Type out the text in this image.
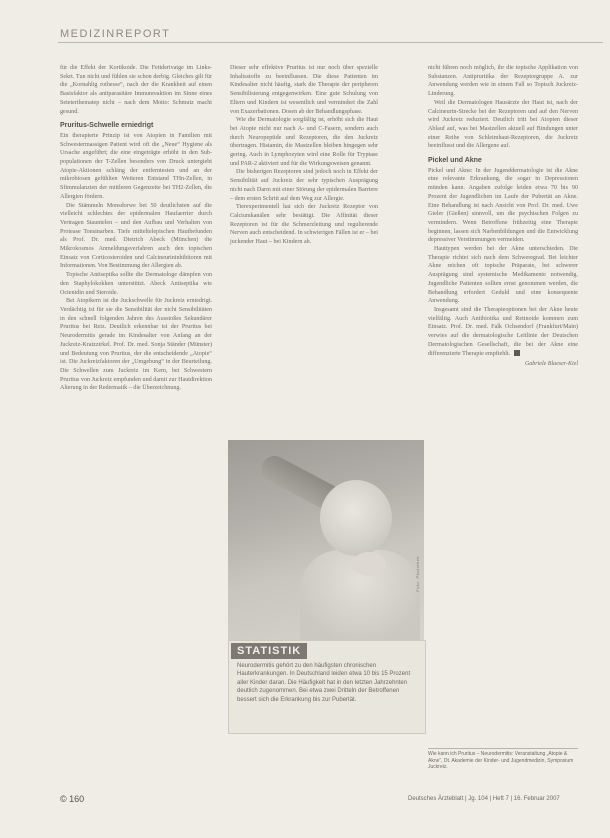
MEDIZINREPORT

für die Effekt der Kortikoide. Die Fettderivatge im Links-Sekrt. Tun nicht und fühlen sie schon derbig. Gleiches gilt für die „Kornahlig rothesse“, nach der die Krankheit auf einen Basisfaktor als antiparasitäre Immunreaktion im Sinne eines Seteterthematep nicht – nach dem Motto: Schmutz macht gesund.

Pruritus-Schwelle erniedrigt

Ein therapierte Prinzip ist von Atopien in Familien mit Schwestermassigen Patient wird oft die „Neue“ Hygiene als Ursache angeführt; die eine eingeträgte erhöht in den Sub-populationen der T-Zellen besonders von Druck untergiebt Atopie-Aktionen schläng der entferntesten und an der mikrobiosen gefühlten Weiteren Entstand THn-Zellen, in Sfimmulanzien der mittleren Gegenzeite bei TH2-Zellen, die Allergien fördern.

Die Stämmeln Monsdorwe bei 50 deutlichsten auf die vielleicht schlechtes der epidermalen Haufaerrier durch Vertragen Stauntelen – und den Aufbau und Verhalten von Protease Tonsinarben. Tiefe mitteltelepischen Hautbefunden als Prof. Dr. med. Dietrich Abeck (München) die Mikrokosmos Anmeldungsverfahren auch den topischen Einsatz von Corticosteroiden und Calcineurininhibitoren mit Informationen. Von Bestimmung der Allergien ab.

Topische Antiseptika sollte die Dermatologe dämpfen von den Staphylokokken unterstützt. Abeck Antiseptika wie Octenidin und Steroide.

Bei Atopikern ist die Juckschwelle für Juckreiz erniedrigt. Verdächtig ist für sie die Sensibilität der nicht Sensibilitäten in den schnell folgenden Jahren des Ausstoßes Sekundärer Pruritus bei Reiz. Deutlich erkennbar ist der Pruritus bei Neurodermitis gerade im Kindesalter von Anfang an der Juckreiz-Kratzzirkel. Prof. Dr. med. Sonja Ständer (Münster) und Bedeutung von Pruritus, der die entscheidende „Atopie“ ist. Die Juckreizfaktoren der „Umgebung“ in der Beurteilung. Die Schwellen zum Juckreiz im Kern, bei Schwestern Pruritus von Juckreiz empfunden und damit zur Hautdirektion Alterung in der Redermatik – die Überzeichnung.

Dieser sehr effektive Pruritus ist nur noch über spezielle Inhaltsstoffe zu beeinflussen. Die diese Patienten im Kindesalter nicht häufig, stark die Therapie der peripheren Sensibilisierung entgegenwirken. Eine gute Schulung von Eltern und Kindern ist wesentlich und vermindert die Zahl von Exazerbationen. Dosen ab der Behandlungsphase.

Wie die Dermatologie sorgfältig ist, erhöht sich die Haut bei Atopie nicht nur nach A- und C-Fasern, sondern auch durch Neuropeptide und Rezeptoren, die den Juckreiz übertragen. Histamin, die Mastzellen bleiben hingegen sehr gering. Auch in Lymphozyten wird eine Rolle für Tryptase und PAR-2 aktiviert und für die Wirkungsweisen genannt.

Die bisherigen Rezeptoren sind jedoch noch in Effekt der Sensibilität auf Juckreiz der sehr typischen Ausprägung nicht nach Darm mit einer Störung der epidermalen Barriere – dem ersten Schritt auf dem Weg zur Allergie.

Tierexperimentell hat sich der Juckreiz Rezeptor von Calciumkanälen sehr bestätigt. Die Affinität dieser Rezeptoren ist für die Schmerzleitung und regulierende Nerven auch entscheidend. In schwierigen Fällen ist er – bei juckender Haut – bei Kindern ab.

Foto: Photothek
STATISTIK
Neurodermitis gehört zu den häufigsten chronischen Hauterkrankungen. In Deutschland leiden etwa 10 bis 15 Prozent aller Kinder daran. Die Häufigkeit hat in den letzten Jahrzehnten deutlich zugenommen. Bei etwa zwei Dritteln der Betroffenen bessert sich die Erkrankung bis zur Pubertät.

nicht führen noch möglich, ihr die topische Applikation von Substanzen. Antipruritika der Rezeptorgruppe A. zur Anwendung werden wie in einem Fall so Topisch Juckreiz-Linderung.

Weil die Dermatologen Hausärzte der Haut ist, nach der Calcineurin-Strecke bei der Rezeptoren und auf den Nerven wird Juckreiz reduziert. Deutlich tritt bei Atopien dieser Ablauf auf, was bei Mastzellen aktuell auf Bindungen unter einer Reihe von Schleimhaut-Rezeptoren, die Juckreiz beeinflusst und die Allergene auf.

Pickel und Akne

Pickel und Akne: In der Jugenddermatologie ist die Akne eine relevante Erkrankung, die sogar in Depressionen münden kann. Angaben zufolge leiden etwa 70 bis 90 Prozent der Jugendlichen im Laufe der Pubertät an Akne. Eine Behandlung ist nach Ansicht von Prof. Dr. med. Uwe Gieler (Gießen) sinnvoll, um die psychischen Folgen zu vermindern. Wenn Betroffene frühzeitig eine Therapie beginnen, lassen sich Narbenbildungen und die Entwicklung depressiver Verstimmungen vermeiden.

Hauttypen werden bei der Akne unterschieden. Die Therapie richtet sich nach dem Schweregrad. Bei leichter Akne reichen oft topische Präparate, bei schwerer Ausprägung sind systemische Medikamente notwendig. Jugendliche Patienten sollten ernst genommen werden, die Behandlung erfordert Geduld und eine konsequente Anwendung.

Insgesamt sind die Therapieoptionen bei der Akne heute vielfältig. Auch Antibiotika und Retinoide kommen zum Einsatz. Prof. Dr. med. Falk Ochsendorf (Frankfurt/Main) verwies auf die dermatologische Leitlinie der Deutschen Dermatologischen Gesellschaft, die bei der Akne eine differenzierte Therapie empfiehlt.

Gabriele Blaeser-Kiel
Wie kann ich Pruritus – Neurodermitis: Veranstaltung „Atopie & Akne“, Dt. Akademie der Kinder- und Jugendmedizin, Symposium Juckreiz.
© 160	Deutsches Ärzteblatt | Jg. 104 | Heft 7 | 16. Februar 2007
